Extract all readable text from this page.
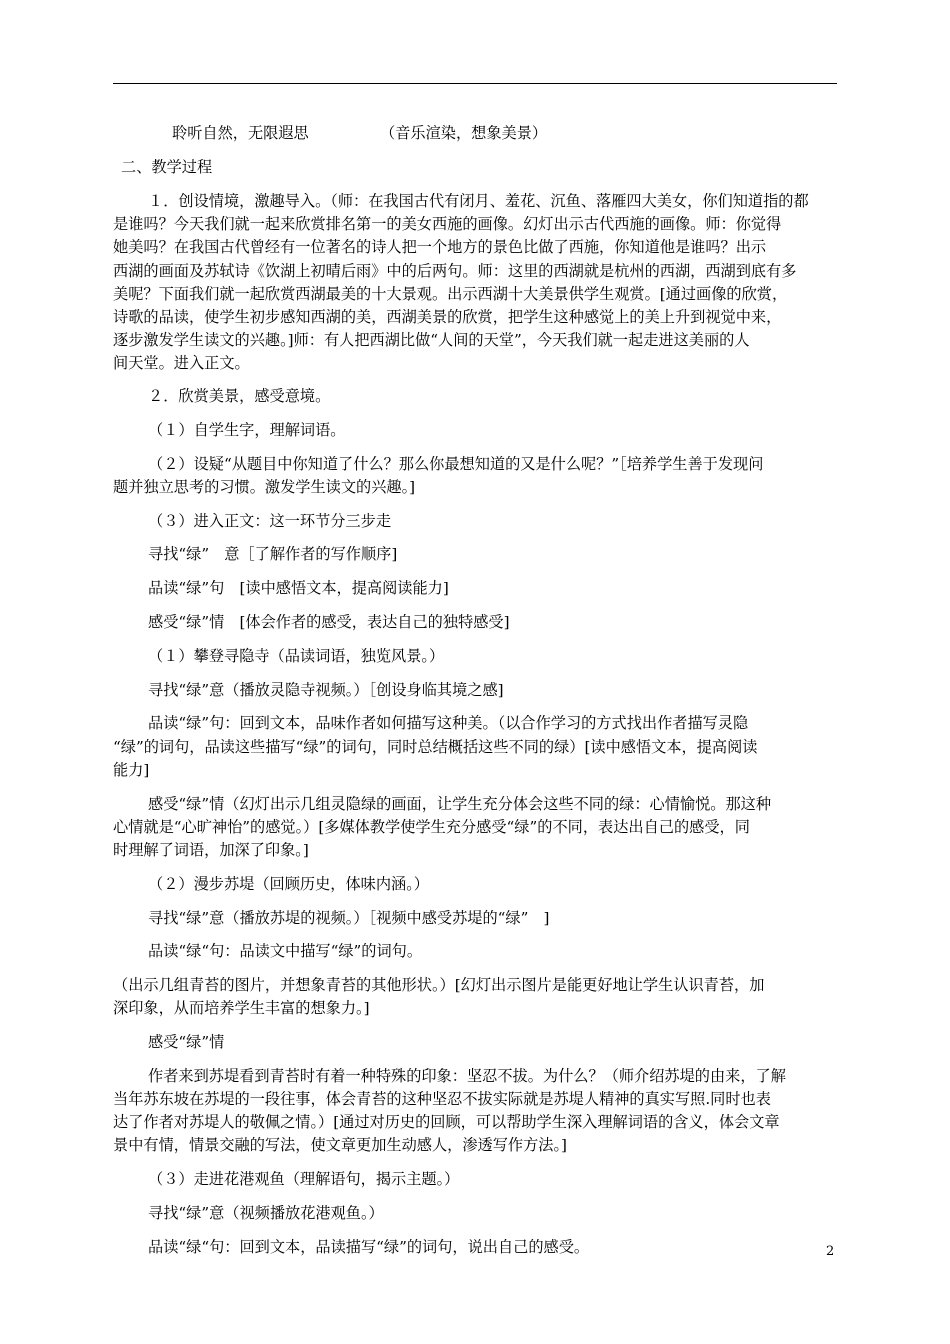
聆听自然，无限遐思	（音乐渲染，想象美景）
二、教学过程
１．创设情境，激趣导入。（师：在我国古代有闭月、羞花、沉鱼、落雁四大美女，你们知道指的都
是谁吗？今天我们就一起来欣赏排名第一的美女西施的画像。幻灯出示古代西施的画像。师：你觉得
她美吗？在我国古代曾经有一位著名的诗人把一个地方的景色比做了西施，你知道他是谁吗？出示
西湖的画面及苏轼诗《饮湖上初晴后雨》中的后两句。师：这里的西湖就是杭州的西湖，西湖到底有多
美呢？下面我们就一起欣赏西湖最美的十大景观。出示西湖十大美景供学生观赏。[通过画像的欣赏，
诗歌的品读，使学生初步感知西湖的美，西湖美景的欣赏，把学生这种感觉上的美上升到视觉中来，
逐步激发学生读文的兴趣。]师：有人把西湖比做“人间的天堂”，今天我们就一起走进这美丽的人
间天堂。进入正文。
２．欣赏美景，感受意境。
（１）自学生字，理解词语。
（２）设疑“从题目中你知道了什么？那么你最想知道的又是什么呢？”［培养学生善于发现问
题并独立思考的习惯。激发学生读文的兴趣。]
（３）进入正文：这一环节分三步走
寻找“绿”　意［了解作者的写作顺序]
品读“绿”句　[读中感悟文本，提高阅读能力]
感受“绿”情　[体会作者的感受，表达自己的独特感受]
（１）攀登寻隐寺（品读词语，独览风景。）
寻找“绿”意（播放灵隐寺视频。）［创设身临其境之感]
品读“绿”句：回到文本，品味作者如何描写这种美。（以合作学习的方式找出作者描写灵隐
“绿”的词句，品读这些描写“绿”的词句，同时总结概括这些不同的绿）[读中感悟文本，提高阅读
能力]
感受“绿”情（幻灯出示几组灵隐绿的画面，让学生充分体会这些不同的绿：心情愉悦。那这种
心情就是“心旷神怡”的感觉。）[多媒体教学使学生充分感受“绿”的不同，表达出自己的感受，同
时理解了词语，加深了印象。]
（２）漫步苏堤（回顾历史，体味内涵。）
寻找“绿”意（播放苏堤的视频。）［视频中感受苏堤的“绿”　]
品读“绿“句：品读文中描写“绿”的词句。
（出示几组青苔的图片，并想象青苔的其他形状。）[幻灯出示图片是能更好地让学生认识青苔，加
深印象，从而培养学生丰富的想象力。]
感受“绿”情
作者来到苏堤看到青苔时有着一种特殊的印象：坚忍不拔。为什么？（师介绍苏堤的由来，了解
当年苏东坡在苏堤的一段往事，体会青苔的这种坚忍不拔实际就是苏堤人精神的真实写照.同时也表
达了作者对苏堤人的敬佩之情。）[通过对历史的回顾，可以帮助学生深入理解词语的含义，体会文章
景中有情，情景交融的写法，使文章更加生动感人，渗透写作方法。]
（３）走进花港观鱼（理解语句，揭示主题。）
寻找“绿”意（视频播放花港观鱼。）
品读“绿“句：回到文本，品读描写“绿”的词句，说出自己的感受。	2
